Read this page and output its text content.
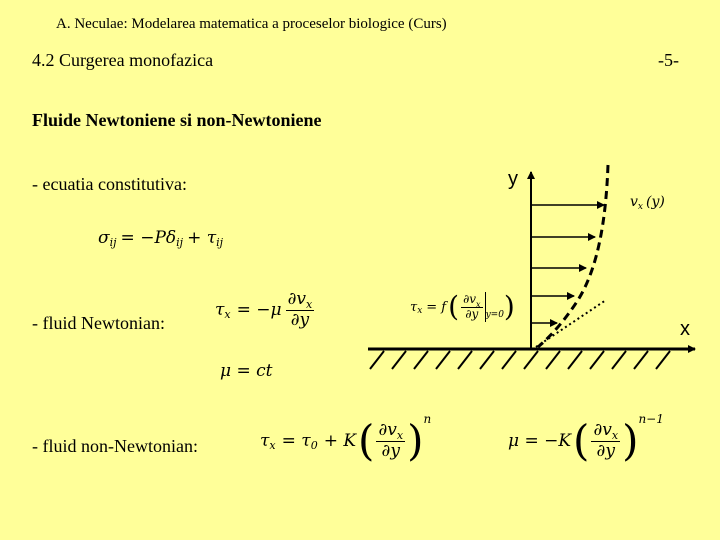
A. Neculae: Modelarea matematica a proceselor biologice (Curs)
4.2 Curgerea monofazica	-5-
Fluide Newtoniene si non-Newtoniene
- ecuatia constitutiva:
- fluid Newtonian:
- fluid non-Newtonian:
σ ij = −Pδ ij + τ ij
τ $x = -\mu \frac{\partial v_x}{\partial y}$
μ = ct
τ x = τ 0 + K ( $\frac{\partial v_x}{\partial y}$ ) n
μ = −K ( $\frac{\partial v_x}{\partial y}$ ) n−1
y
x
$v_x$ (y)
τ x = f ( $\frac{\partial v_x}{\partial y} y=0$ )
